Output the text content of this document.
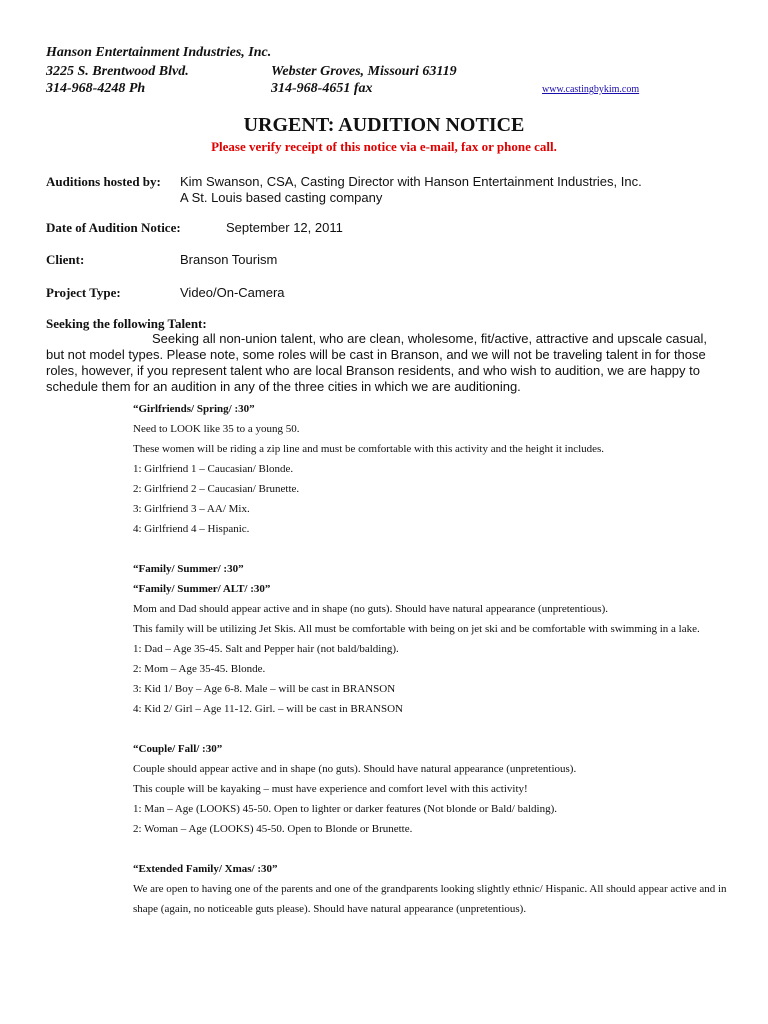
Hanson Entertainment Industries, Inc.
3225 S. Brentwood Blvd.	Webster Groves, Missouri 63119
314-968-4248 Ph	314-968-4651 fax	www.castingbykim.com
URGENT: AUDITION NOTICE
Please verify receipt of this notice via e-mail, fax or phone call.
Auditions hosted by: Kim Swanson, CSA, Casting Director with Hanson Entertainment Industries, Inc.
A St. Louis based casting company
Date of Audition Notice:	September 12, 2011
Client:	Branson Tourism
Project Type:	Video/On-Camera
Seeking the following Talent:
Seeking all non-union talent, who are clean, wholesome, fit/active, attractive and upscale casual, but not model types. Please note, some roles will be cast in Branson, and we will not be traveling talent in for those roles, however, if you represent talent who are local Branson residents, and who wish to audition, we are happy to schedule them for an audition in any of the three cities in which we are auditioning.
“Girlfriends/ Spring/ :30”
Need to LOOK like 35 to a young 50.
These women will be riding a zip line and must be comfortable with this activity and the height it includes.
1: Girlfriend 1 – Caucasian/ Blonde.
2: Girlfriend 2 – Caucasian/ Brunette.
3: Girlfriend 3 – AA/ Mix.
4: Girlfriend 4 – Hispanic.
“Family/ Summer/ :30”
“Family/ Summer/ ALT/ :30”
Mom and Dad should appear active and in shape (no guts). Should have natural appearance (unpretentious).
This family will be utilizing Jet Skis. All must be comfortable with being on jet ski and be comfortable with swimming in a lake.
1: Dad – Age 35-45. Salt and Pepper hair (not bald/balding).
2: Mom – Age 35-45. Blonde.
3: Kid 1/ Boy – Age 6-8. Male – will be cast in BRANSON
4: Kid 2/ Girl – Age 11-12. Girl. – will be cast in BRANSON
“Couple/ Fall/ :30”
Couple should appear active and in shape (no guts). Should have natural appearance (unpretentious).
This couple will be kayaking – must have experience and comfort level with this activity!
1: Man – Age (LOOKS) 45-50. Open to lighter or darker features (Not blonde or Bald/ balding).
2: Woman – Age (LOOKS) 45-50. Open to Blonde or Brunette.
“Extended Family/ Xmas/ :30”
We are open to having one of the parents and one of the grandparents looking slightly ethnic/ Hispanic. All should appear active and in shape (again, no noticeable guts please). Should have natural appearance (unpretentious).
